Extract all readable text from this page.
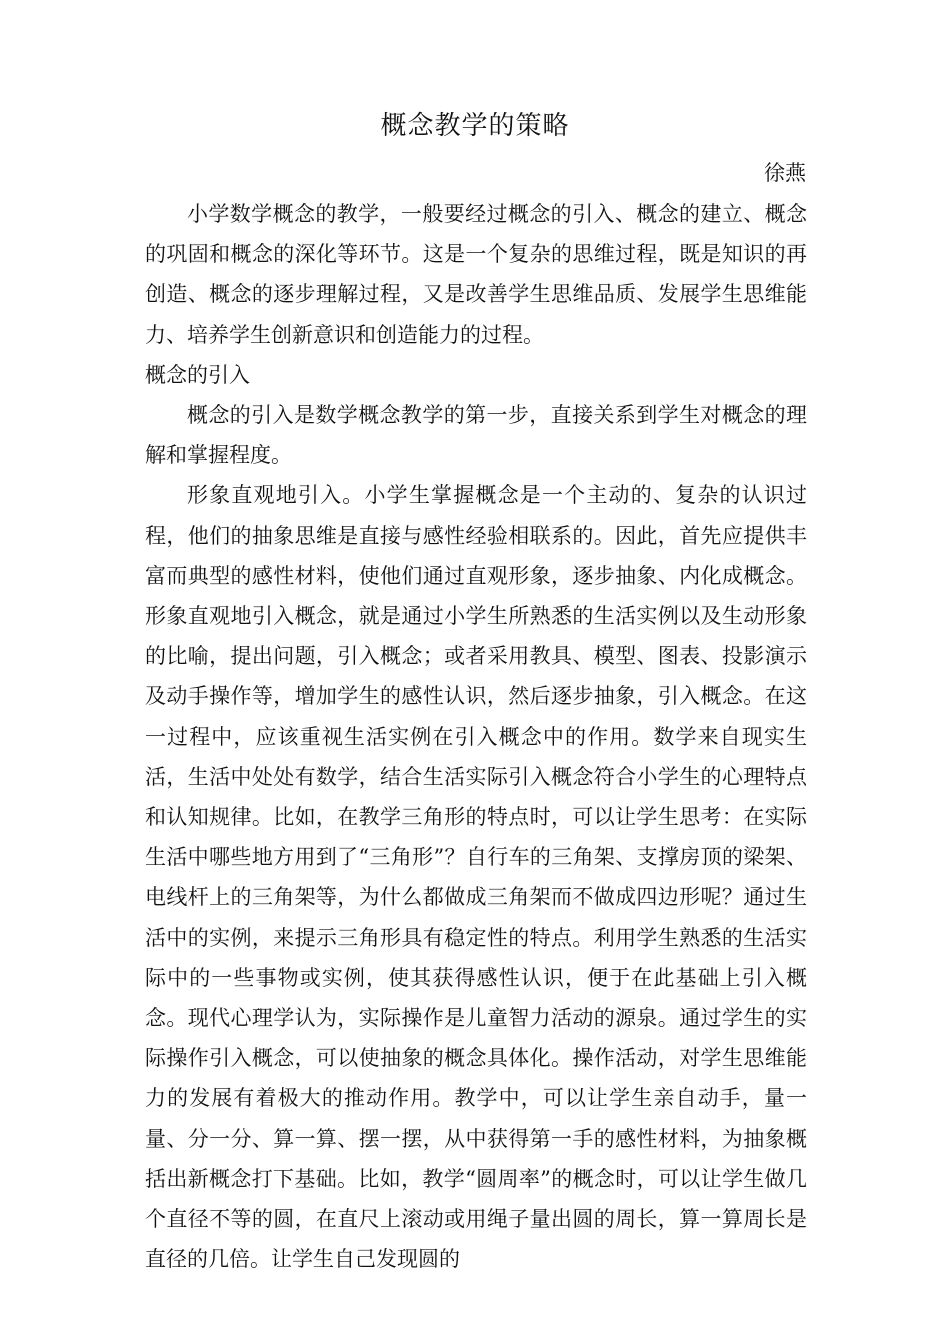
概念教学的策略
徐燕

小学数学概念的教学，一般要经过概念的引入、概念的建立、概念的巩固和概念的深化等环节。这是一个复杂的思维过程，既是知识的再创造、概念的逐步理解过程，又是改善学生思维品质、发展学生思维能力、培养学生创新意识和创造能力的过程。

概念的引入

概念的引入是数学概念教学的第一步，直接关系到学生对概念的理解和掌握程度。

形象直观地引入。小学生掌握概念是一个主动的、复杂的认识过程，他们的抽象思维是直接与感性经验相联系的。因此，首先应提供丰富而典型的感性材料，使他们通过直观形象，逐步抽象、内化成概念。形象直观地引入概念，就是通过小学生所熟悉的生活实例以及生动形象的比喻，提出问题，引入概念；或者采用教具、模型、图表、投影演示及动手操作等，增加学生的感性认识，然后逐步抽象，引入概念。在这一过程中，应该重视生活实例在引入概念中的作用。数学来自现实生活，生活中处处有数学，结合生活实际引入概念符合小学生的心理特点和认知规律。比如，在教学三角形的特点时，可以让学生思考：在实际生活中哪些地方用到了“三角形”？自行车的三角架、支撑房顶的梁架、电线杆上的三角架等，为什么都做成三角架而不做成四边形呢？通过生活中的实例，来提示三角形具有稳定性的特点。利用学生熟悉的生活实际中的一些事物或实例，使其获得感性认识，便于在此基础上引入概念。现代心理学认为，实际操作是儿童智力活动的源泉。通过学生的实际操作引入概念，可以使抽象的概念具体化。操作活动，对学生思维能力的发展有着极大的推动作用。教学中，可以让学生亲自动手，量一量、分一分、算一算、摆一摆，从中获得第一手的感性材料，为抽象概括出新概念打下基础。比如，教学“圆周率”的概念时，可以让学生做几个直径不等的圆，在直尺上滚动或用绳子量出圆的周长，算一算周长是直径的几倍。让学生自己发现圆的
